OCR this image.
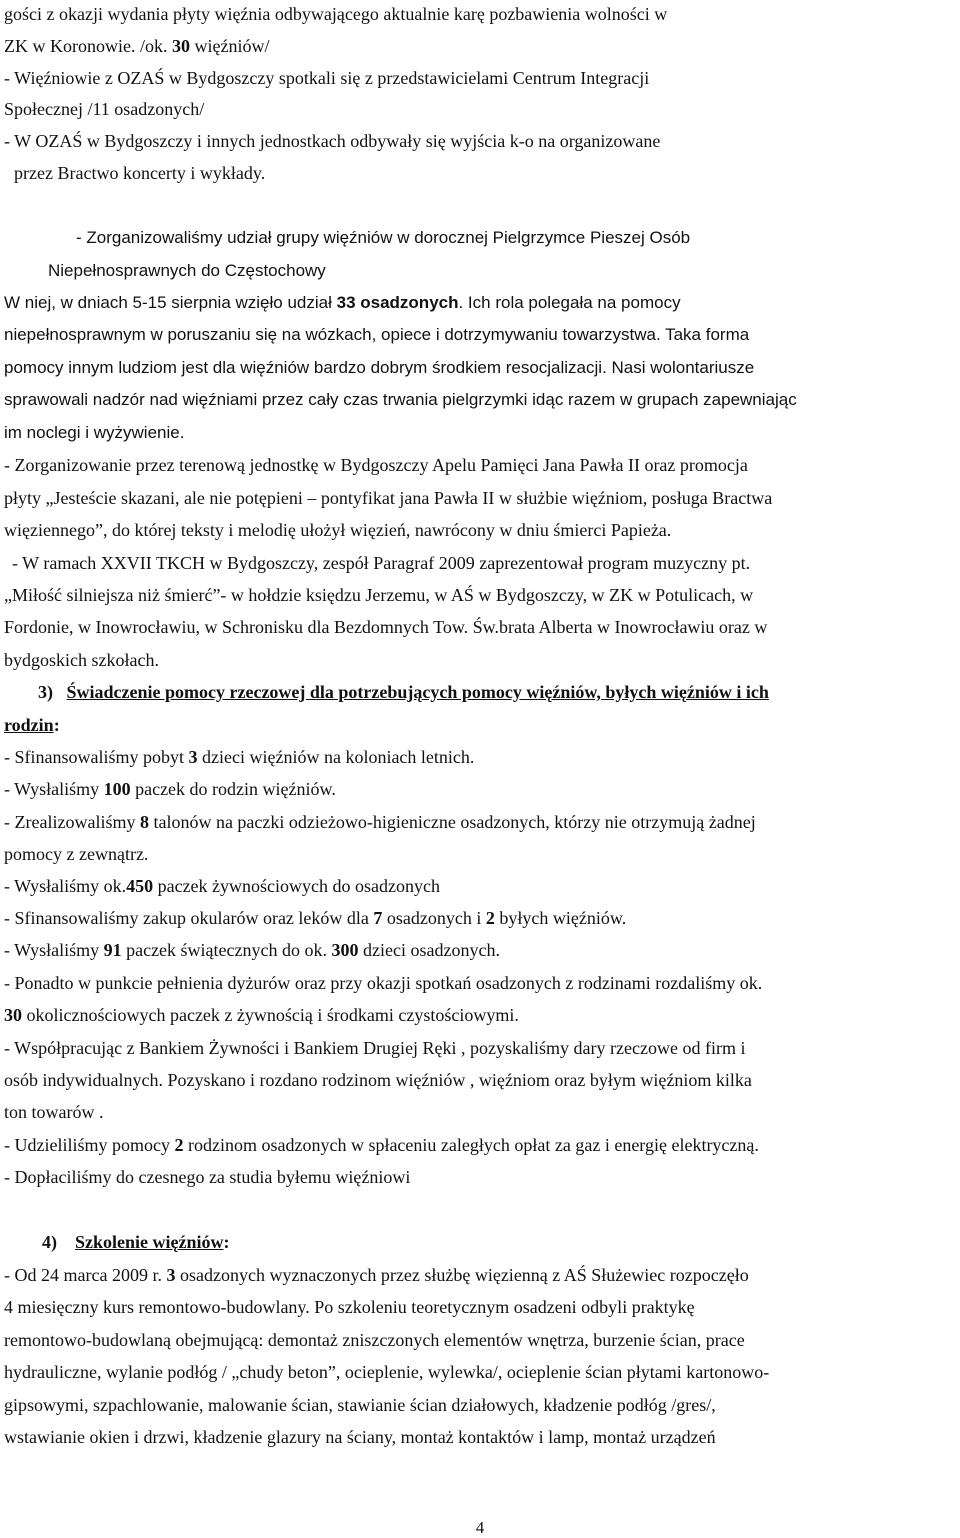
gości z okazji wydania płyty więźnia odbywającego aktualnie karę pozbawienia wolności w
ZK w Koronowie. /ok. 30 więźniów/
- Więźniowie z OZAŚ w Bydgoszczy spotkali się z przedstawicielami Centrum Integracji
Społecznej /11 osadzonych/
- W OZAŚ w Bydgoszczy i innych jednostkach odbywały się wyjścia k-o na organizowane
przez Bractwo koncerty i wykłady.
- Zorganizowaliśmy udział grupy więźniów w dorocznej Pielgrzymce Pieszej Osób
Niepełnosprawnych do Częstochowy
W niej, w dniach 5-15 sierpnia wzięło udział 33 osadzonych. Ich rola polegała na pomocy
niepełnosprawnym w poruszaniu się na wózkach, opiece i dotrzymywaniu towarzystwa. Taka forma
pomocy innym ludziom jest dla więźniów bardzo dobrym środkiem resocjalizacji. Nasi wolontariusze
sprawowali nadzór nad więźniami przez cały czas trwania pielgrzymki idąc razem w grupach zapewniając
im noclegi i wyżywienie.
- Zorganizowanie przez terenową jednostkę w Bydgoszczy Apelu Pamięci Jana Pawła II oraz promocja
płyty „Jesteście skazani, ale nie potępieni – pontyfikat jana Pawła II w służbie więźniom, posługa Bractwa
więziennego”, do której teksty i melodię ułożył więzień, nawrócony w dniu śmierci Papieża.
- W ramach XXVII TKCH w Bydgoszczy, zespół Paragraf 2009 zaprezentował program muzyczny pt.
„Miłość silniejsza niż śmierć”- w hołdzie księdzu Jerzemu, w AŚ w Bydgoszczy, w ZK w Potulicach, w
Fordonie, w Inowrocławiu, w Schronisku dla Bezdomnych Tow. Św.brata Alberta w Inowrocławiu oraz w
bydgoskich szkołach.
3) Świadczenie pomocy rzeczowej dla potrzebujących pomocy więźniów, byłych więźniów i ich
rodzin:
- Sfinansowaliśmy pobyt 3 dzieci więźniów na koloniach letnich.
- Wysłaliśmy 100 paczek do rodzin więźniów.
- Zrealizowaliśmy 8 talonów na paczki odzieżowo-higieniczne osadzonych, którzy nie otrzymują żadnej
pomocy z zewnątrz.
- Wysłaliśmy ok.450 paczek żywnościowych do osadzonych
- Sfinansowaliśmy zakup okularów oraz leków dla 7 osadzonych i 2 byłych więźniów.
- Wysłaliśmy 91 paczek świątecznych do ok. 300 dzieci osadzonych.
- Ponadto w punkcie pełnienia dyżurów oraz przy okazji spotkań osadzonych z rodzinami rozdaliśmy ok.
30 okolicznościowych paczek z żywnością i środkami czystościowymi.
- Współpracując z Bankiem Żywności i Bankiem Drugiej Ręki , pozyskaliśmy dary rzeczowe od firm i
osób indywidualnych. Pozyskano i rozdano rodzinom więźniów , więźniom oraz byłym więźniom kilka
ton towarów .
- Udzieliliśmy pomocy 2 rodzinom osadzonych w spłaceniu zaległych opłat za gaz i energię elektryczną.
- Dopłaciliśmy do czesnego za studia byłemu więźniowi
4) Szkolenie więźniów:
- Od 24 marca 2009 r. 3 osadzonych wyznaczonych przez służbę więzienną z AŚ Służewiec rozpoczęło
4 miesięczny kurs remontowo-budowlany. Po szkoleniu teoretycznym osadzeni odbyli praktykę
remontowo-budowlaną obejmującą: demontaż zniszczonych elementów wnętrza, burzenie ścian, prace
hydrauliczne, wylanie podłóg / „chudy beton”, ocieplenie, wylewka/, ocieplenie ścian płytami kartonowo-
gipsowymi, szpachlowanie, malowanie ścian, stawianie ścian działowych, kładzenie podłóg /gres/,
wstawianie okien i drzwi, kładzenie glazury na ściany, montaż kontaktów i lamp, montaż urządzeń
4
